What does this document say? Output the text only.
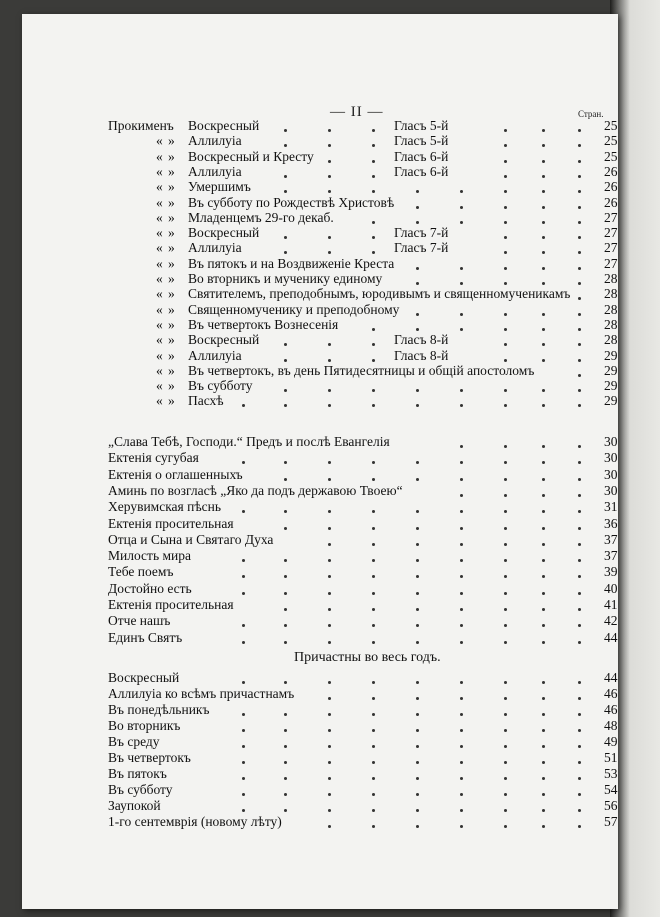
— II —	Стран.
Причастны во весь годъ.
Прокименъ Воскресный	Гласъ 5-й	25
« » Аллилуіа	Гласъ 5-й	25
« » Воскресный и Кресту	Гласъ 6-й	25
« » Аллилуіа	Гласъ 6-й	26
« » Умершимъ	26
« » Въ субботу по Рождествѣ Христовѣ	26
« » Младенцемъ 29-го декаб.	27
« » Воскресный	Гласъ 7-й	27
« » Аллилуіа	Гласъ 7-й	27
« » Въ пятокъ и на Воздвиженіе Креста	27
« » Во вторникъ и мученику единому	28
« » Святителемъ, преподобнымъ, юродивымъ и священномученикамъ 28
« » Священномученику и преподобному	28
« » Въ четвертокъ Вознесенія	28
« » Воскресный	Гласъ 8-й	28
« » Аллилуіа	Гласъ 8-й	29
« » Въ четвертокъ, въ день Пятидесятницы и общій апостоломъ	29
« » Въ субботу	29
« » Пасхѣ	29
„Слава Тебѣ, Господи.“ Предъ и послѣ Евангелія	30
Ектенія сугубая	30
Ектенія о оглашенныхъ	30
Аминь по возгласѣ „Яко да подъ державою Твоею“	30
Херувимская пѣснь	31
Ектенія просительная	36
Отца и Сына и Святаго Духа	37
Милость мира	37
Тебе поемъ	39
Достойно есть	40
Ектенія просительная	41
Отче нашъ	42
Единъ Святъ	44
Воскресный	44
Аллилуіа ко всѣмъ причастнамъ	46
Въ понедѣльникъ	46
Во вторникъ	48
Въ среду	49
Въ четвертокъ	51
Въ пятокъ	53
Въ субботу	54
Заупокой	56
1-го сентемврія (новому лѣту)	57
